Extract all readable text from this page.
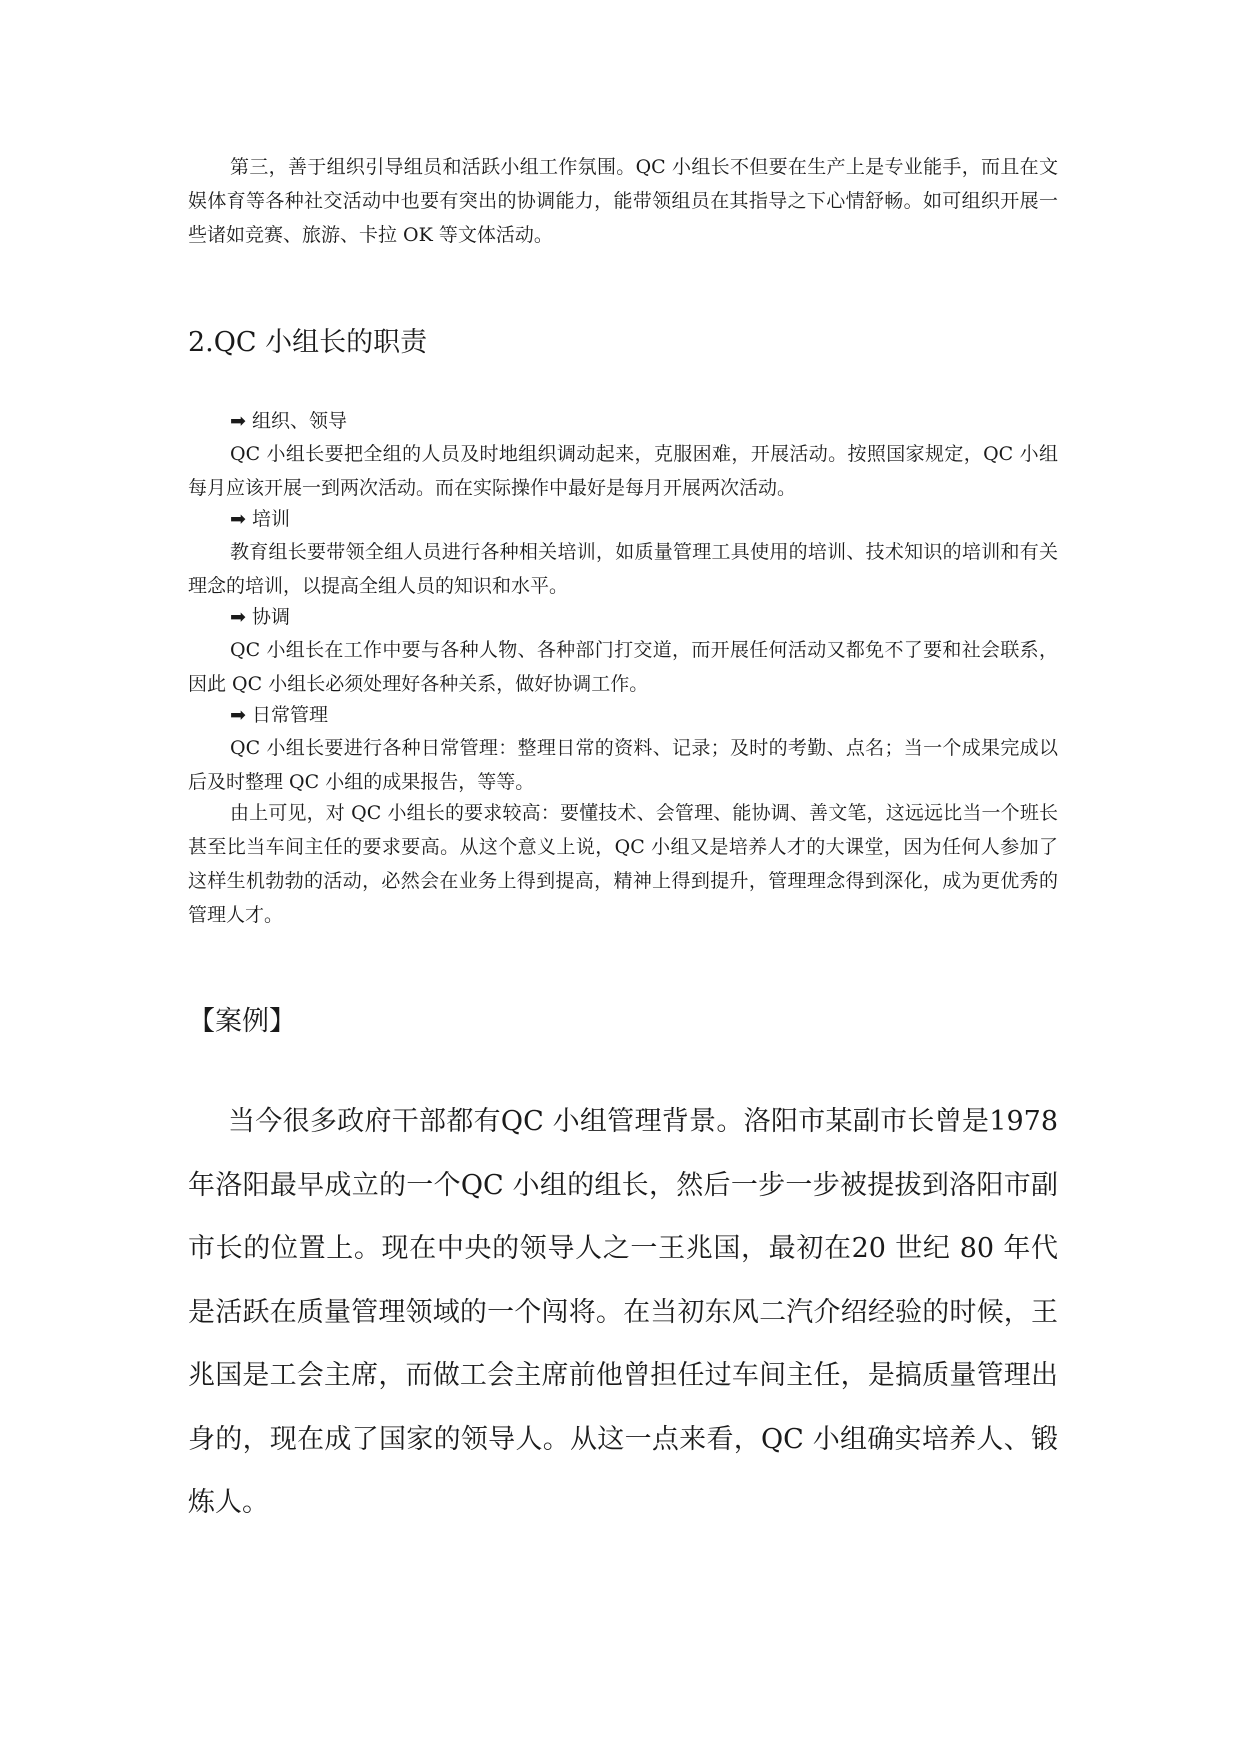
第三，善于组织引导组员和活跃小组工作氛围。QC 小组长不但要在生产上是专业能手，而且在文娱体育等各种社交活动中也要有突出的协调能力，能带领组员在其指导之下心情舒畅。如可组织开展一些诸如竞赛、旅游、卡拉 OK 等文体活动。

2.QC 小组长的职责
➡ 组织、领导

QC 小组长要把全组的人员及时地组织调动起来，克服困难，开展活动。按照国家规定，QC 小组每月应该开展一到两次活动。而在实际操作中最好是每月开展两次活动。

➡ 培训

教育组长要带领全组人员进行各种相关培训，如质量管理工具使用的培训、技术知识的培训和有关理念的培训，以提高全组人员的知识和水平。

➡ 协调

QC 小组长在工作中要与各种人物、各种部门打交道，而开展任何活动又都免不了要和社会联系，因此 QC 小组长必须处理好各种关系，做好协调工作。

➡ 日常管理

QC 小组长要进行各种日常管理：整理日常的资料、记录；及时的考勤、点名；当一个成果完成以后及时整理 QC 小组的成果报告，等等。

由上可见，对 QC 小组长的要求较高：要懂技术、会管理、能协调、善文笔，这远远比当一个班长甚至比当车间主任的要求要高。从这个意义上说，QC 小组又是培养人才的大课堂，因为任何人参加了这样生机勃勃的活动，必然会在业务上得到提高，精神上得到提升，管理理念得到深化，成为更优秀的管理人才。

【案例】

当今很多政府干部都有QC 小组管理背景。洛阳市某副市长曾是1978 年洛阳最早成立的一个QC 小组的组长，然后一步一步被提拔到洛阳市副市长的位置上。现在中央的领导人之一王兆国，最初在20 世纪 80 年代是活跃在质量管理领域的一个闯将。在当初东风二汽介绍经验的时候，王兆国是工会主席，而做工会主席前他曾担任过车间主任，是搞质量管理出身的，现在成了国家的领导人。从这一点来看，QC 小组确实培养人、锻炼人。
